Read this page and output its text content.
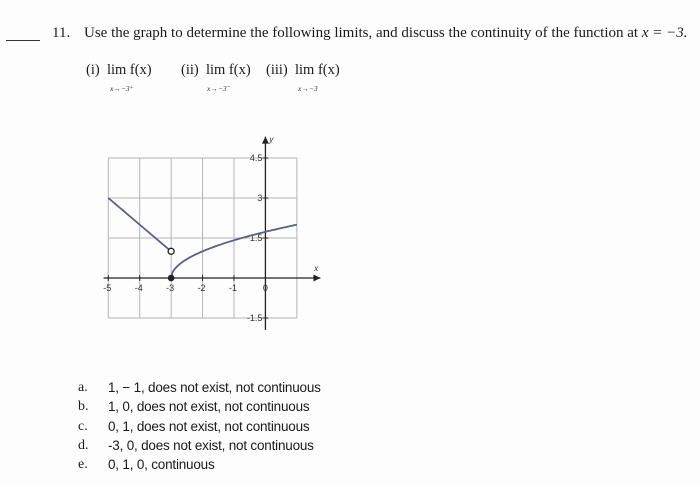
11. Use the graph to determine the following limits, and discuss the continuity of the function at x = −3.
(i) lim f(x)
x→−3⁺
(ii) lim f(x)
x→−3⁻
(iii) lim f(x)
x→−3
-5	-4	-3	-2	-1	0
4.5
3
1.5
-1.5
x
y
a.	1, − 1, does not exist, not continuous
b.	1, 0, does not exist, not continuous
c.	0, 1, does not exist, not continuous
d.	-3, 0, does not exist, not continuous
e.	0, 1, 0, continuous
